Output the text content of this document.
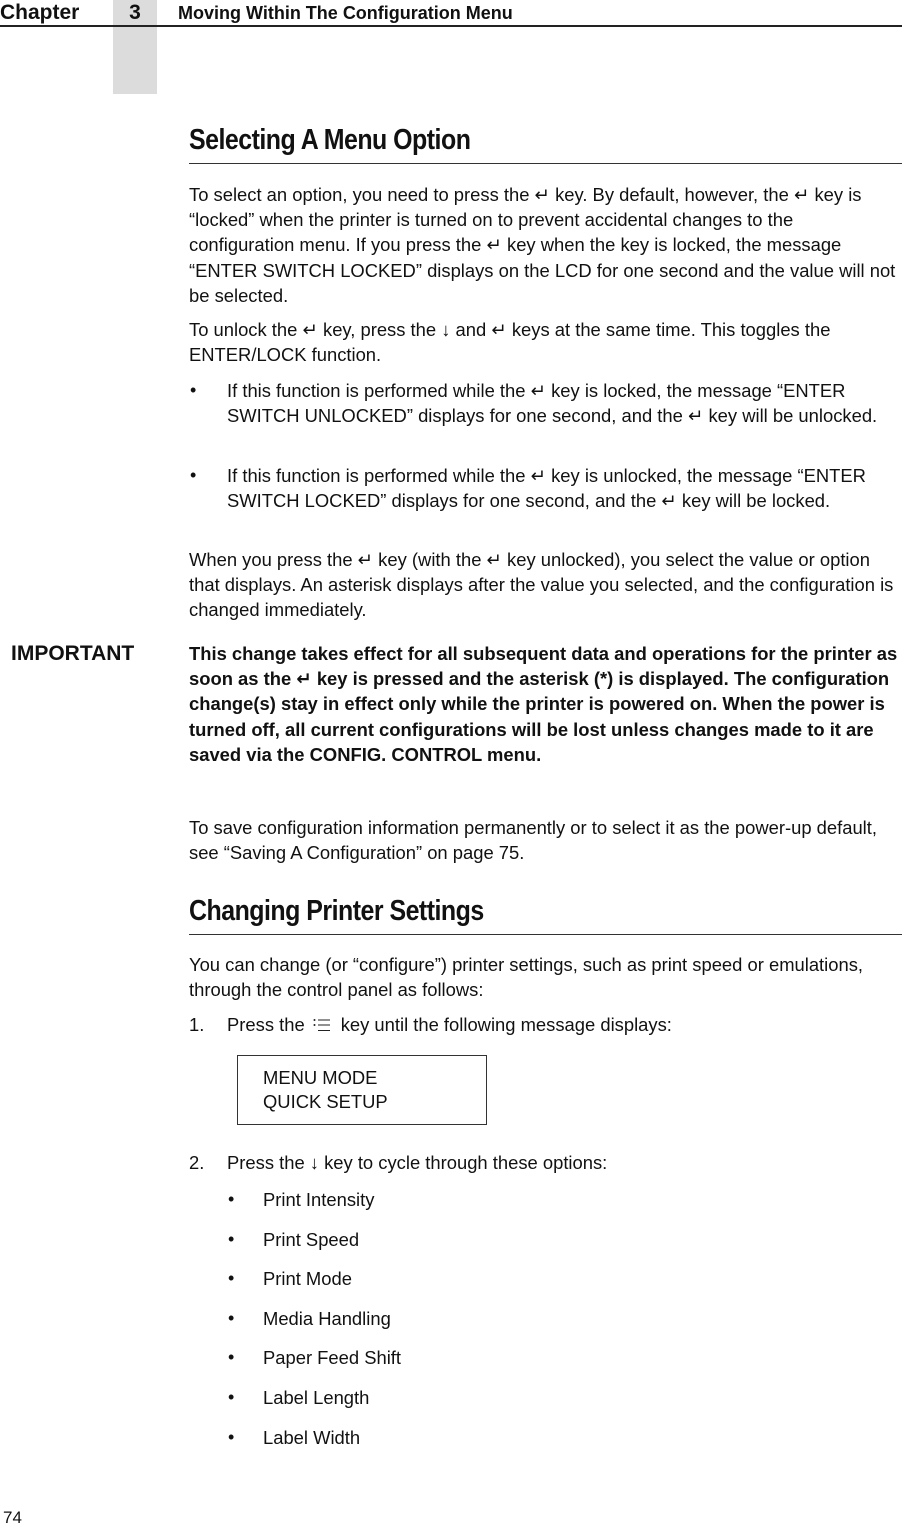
Chapter	3	Moving Within The Configuration Menu
Selecting A Menu Option

To select an option, you need to press the ↵ key. By default, however, the ↵ key is “locked” when the printer is turned on to prevent accidental changes to the configuration menu. If you press the ↵ key when the key is locked, the message “ENTER SWITCH LOCKED” displays on the LCD for one second and the value will not be selected.

To unlock the ↵ key, press the ↓ and ↵ keys at the same time. This toggles the ENTER/LOCK function.

• If this function is performed while the ↵ key is locked, the message “ENTER SWITCH UNLOCKED” displays for one second, and the ↵ key will be unlocked.

• If this function is performed while the ↵ key is unlocked, the message “ENTER SWITCH LOCKED” displays for one second, and the ↵ key will be locked.

When you press the ↵ key (with the ↵ key unlocked), you select the value or option that displays. An asterisk displays after the value you selected, and the configuration is changed immediately.

IMPORTANT	This change takes effect for all subsequent data and operations for the printer as soon as the ↵ key is pressed and the asterisk (*) is displayed. The configuration change(s) stay in effect only while the printer is powered on. When the power is turned off, all current configurations will be lost unless changes made to it are saved via the CONFIG. CONTROL menu.

To save configuration information permanently or to select it as the power-up default, see “Saving A Configuration” on page 75.

Changing Printer Settings

You can change (or “configure”) printer settings, such as print speed or emulations, through the control panel as follows:

1. Press the key until the following message displays:
MENU MODE
QUICK SETUP
2. Press the ↓ key to cycle through these options:
• Print Intensity
• Print Speed
• Print Mode
• Media Handling
• Paper Feed Shift
• Label Length
• Label Width
74
